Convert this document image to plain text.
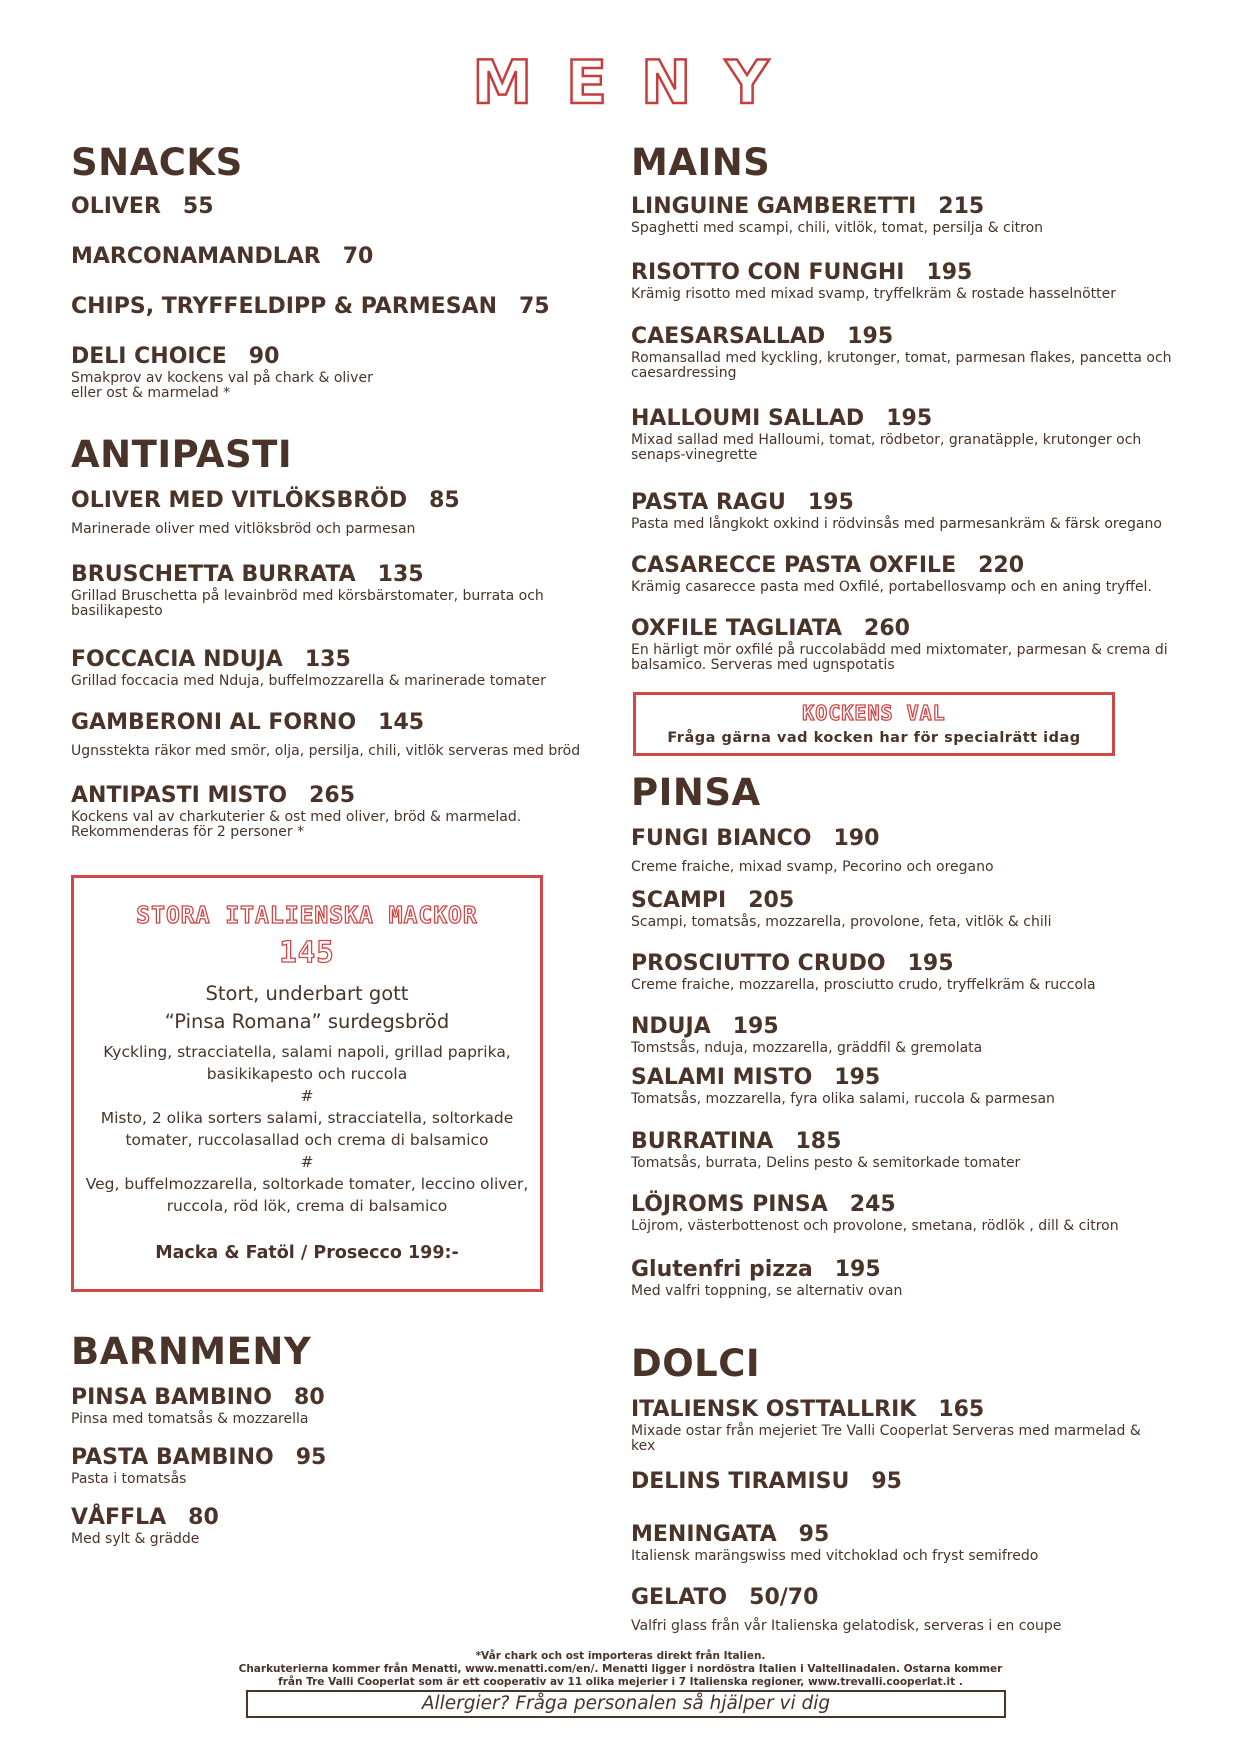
MENY
SNACKS
OLIVER 55
MARCONAMANDLAR 70
CHIPS, TRYFFELDIPP & PARMESAN 75
DELI CHOICE 90
Smakprov av kockens val på chark & oliver
eller ost & marmelad *
ANTIPASTI
OLIVER MED VITLÖKSBRÖD 85
Marinerade oliver med vitlöksbröd och parmesan
BRUSCHETTA BURRATA 135
Grillad Bruschetta på levainbröd med körsbärstomater, burrata och
basilikapesto
FOCCACIA NDUJA 135
Grillad foccacia med Nduja, buffelmozzarella & marinerade tomater
GAMBERONI AL FORNO 145
Ugnsstekta räkor med smör, olja, persilja, chili, vitlök serveras med bröd
ANTIPASTI MISTO 265
Kockens val av charkuterier & ost med oliver, bröd & marmelad.
Rekommenderas för 2 personer *
STORA ITALIENSKA MACKOR
145
Stort, underbart gott
“Pinsa Romana” surdegsbröd
Kyckling, stracciatella, salami napoli, grillad paprika,
basikikapesto och ruccola
#
Misto, 2 olika sorters salami, stracciatella, soltorkade
tomater, ruccolasallad och crema di balsamico
#
Veg, buffelmozzarella, soltorkade tomater, leccino oliver,
ruccola, röd lök, crema di balsamico
Macka & Fatöl / Prosecco 199:-
BARNMENY
PINSA BAMBINO 80
Pinsa med tomatsås & mozzarella
PASTA BAMBINO 95
Pasta i tomatsås
VÅFFLA 80
Med sylt & grädde
MAINS
LINGUINE GAMBERETTI 215
Spaghetti med scampi, chili, vitlök, tomat, persilja & citron
RISOTTO CON FUNGHI 195
Krämig risotto med mixad svamp, tryffelkräm & rostade hasselnötter
CAESARSALLAD 195
Romansallad med kyckling, krutonger, tomat, parmesan flakes, pancetta och
caesardressing
HALLOUMI SALLAD 195
Mixad sallad med Halloumi, tomat, rödbetor, granatäpple, krutonger och
senaps-vinegrette
PASTA RAGU 195
Pasta med långkokt oxkind i rödvinsås med parmesankräm & färsk oregano
CASARECCE PASTA OXFILE 220
Krämig casarecce pasta med Oxfilé, portabellosvamp och en aning tryffel.
OXFILE TAGLIATA 260
En härligt mör oxfilé på ruccolabädd med mixtomater, parmesan & crema di
balsamico. Serveras med ugnspotatis
KOCKENS VAL
Fråga gärna vad kocken har för specialrätt idag
PINSA
FUNGI BIANCO 190
Creme fraiche, mixad svamp, Pecorino och oregano
SCAMPI 205
Scampi, tomatsås, mozzarella, provolone, feta, vitlök & chili
PROSCIUTTO CRUDO 195
Creme fraiche, mozzarella, prosciutto crudo, tryffelkräm & ruccola
NDUJA 195
Tomstsås, nduja, mozzarella, gräddfil & gremolata
SALAMI MISTO 195
Tomatsås, mozzarella, fyra olika salami, ruccola & parmesan
BURRATINA 185
Tomatsås, burrata, Delins pesto & semitorkade tomater
LÖJROMS PINSA 245
Löjrom, västerbottenost och provolone, smetana, rödlök , dill & citron
Glutenfri pizza 195
Med valfri toppning, se alternativ ovan
DOLCI
ITALIENSK OSTTALLRIK 165
Mixade ostar från mejeriet Tre Valli Cooperlat Serveras med marmelad &
kex
DELINS TIRAMISU 95
MENINGATA 95
Italiensk marängswiss med vitchoklad och fryst semifredo
GELATO 50/70
Valfri glass från vår Italienska gelatodisk, serveras i en coupe
*Vår chark och ost importeras direkt från Italien.
Charkuterierna kommer från Menatti, www.menatti.com/en/. Menatti ligger i nordöstra Italien i Valtellinadalen. Ostarna kommer
från Tre Valli Cooperlat som är ett cooperativ av 11 olika mejerier i 7 Italienska regioner, www.trevalli.cooperlat.it .
Allergier? Fråga personalen så hjälper vi dig
